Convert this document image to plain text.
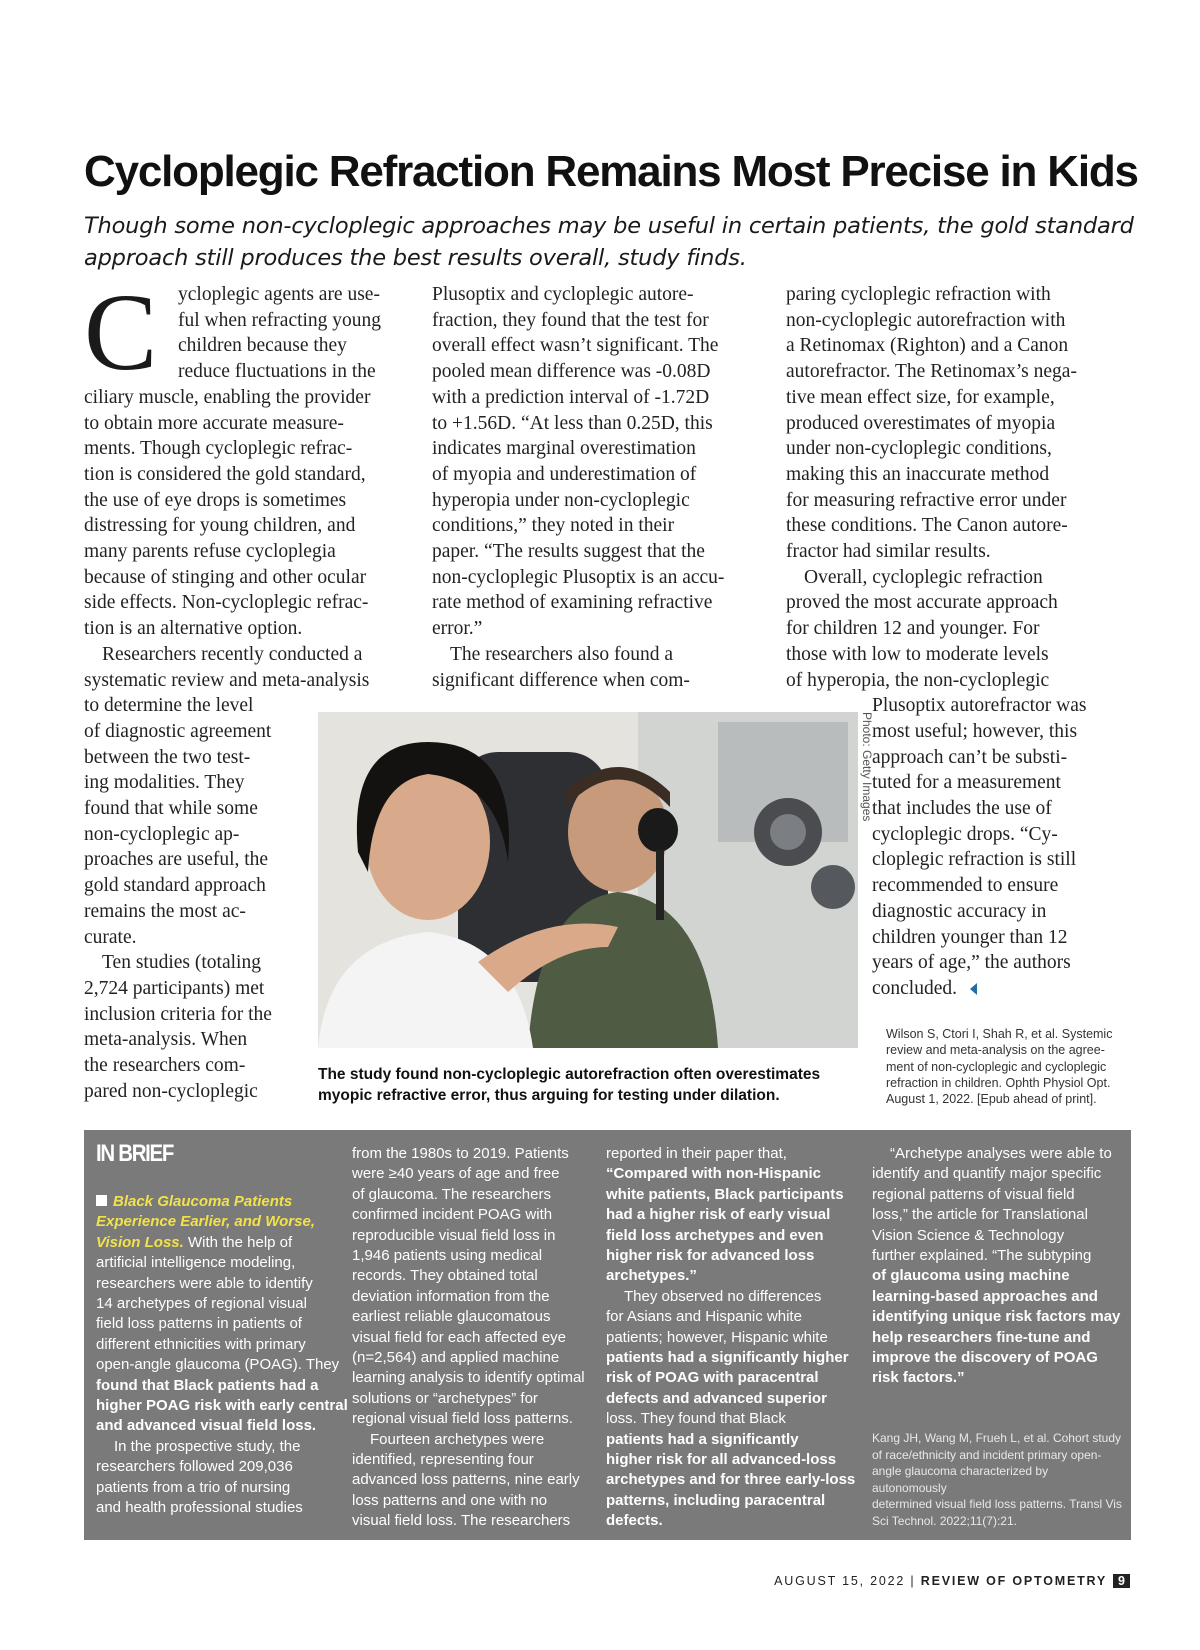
Cycloplegic Refraction Remains Most Precise in Kids
Though some non-cycloplegic approaches may be useful in certain patients, the gold standard
approach still produces the best results overall, study finds.
C ycloplegic agents are use-
ful when refracting young
children because they
reduce fluctuations in the
ciliary muscle, enabling the provider
to obtain more accurate measure-
ments. Though cycloplegic refrac-
tion is considered the gold standard,
the use of eye drops is sometimes
distressing for young children, and
many parents refuse cycloplegia
because of stinging and other ocular
side effects. Non-cycloplegic refrac-
tion is an alternative option.
Researchers recently conducted a
systematic review and meta-analysis
to determine the level
of diagnostic agreement
between the two test-
ing modalities. They
found that while some
non-cycloplegic ap-
proaches are useful, the
gold standard approach
remains the most ac-
curate.
Ten studies (totaling
2,724 participants) met
inclusion criteria for the
meta-analysis. When
the researchers com-
pared non-cycloplegic
Plusoptix and cycloplegic autore-
fraction, they found that the test for
overall effect wasn’t significant. The
pooled mean difference was -0.08D
with a prediction interval of -1.72D
to +1.56D. “At less than 0.25D, this
indicates marginal overestimation
of myopia and underestimation of
hyperopia under non-cycloplegic
conditions,” they noted in their
paper. “The results suggest that the
non-cycloplegic Plusoptix is an accu-
rate method of examining refractive
error.”
The researchers also found a
significant difference when com-
paring cycloplegic refraction with
non-cycloplegic autorefraction with
a Retinomax (Righton) and a Canon
autorefractor. The Retinomax’s nega-
tive mean effect size, for example,
produced overestimates of myopia
under non-cycloplegic conditions,
making this an inaccurate method
for measuring refractive error under
these conditions. The Canon autore-
fractor had similar results.
Overall, cycloplegic refraction
proved the most accurate approach
for children 12 and younger. For
those with low to moderate levels
of hyperopia, the non-cycloplegic
Plusoptix autorefractor was
most useful; however, this
approach can’t be substi-
tuted for a measurement
that includes the use of
cycloplegic drops. “Cy-
cloplegic refraction is still
recommended to ensure
diagnostic accuracy in
children younger than 12
years of age,” the authors
concluded.
Photo: Getty Images
The study found non-cycloplegic autorefraction often overestimates
myopic refractive error, thus arguing for testing under dilation.
Wilson S, Ctori I, Shah R, et al. Systemic
review and meta-analysis on the agree-
ment of non-cycloplegic and cycloplegic
refraction in children. Ophth Physiol Opt.
August 1, 2022. [Epub ahead of print].
IN BRIEF
Black Glaucoma Patients
Experience Earlier, and Worse,
Vision Loss. With the help of
artificial intelligence modeling,
researchers were able to identify
14 archetypes of regional visual
field loss patterns in patients of
different ethnicities with primary
open-angle glaucoma (POAG). They
found that Black patients had a
higher POAG risk with early central
and advanced visual field loss.
In the prospective study, the
researchers followed 209,036
patients from a trio of nursing
and health professional studies
from the 1980s to 2019. Patients
were ≥40 years of age and free
of glaucoma. The researchers
confirmed incident POAG with
reproducible visual field loss in
1,946 patients using medical
records. They obtained total
deviation information from the
earliest reliable glaucomatous
visual field for each affected eye
(n=2,564) and applied machine
learning analysis to identify optimal
solutions or “archetypes” for
regional visual field loss patterns.
Fourteen archetypes were
identified, representing four
advanced loss patterns, nine early
loss patterns and one with no
visual field loss. The researchers
reported in their paper that,
“Compared with non-Hispanic
white patients, Black participants
had a higher risk of early visual
field loss archetypes and even
higher risk for advanced loss
archetypes.”
They observed no differences
for Asians and Hispanic white
patients; however, Hispanic white
patients had a significantly higher
risk of POAG with paracentral
defects and advanced superior
loss. They found that Black
patients had a significantly
higher risk for all advanced-loss
archetypes and for three early-loss
patterns, including paracentral
defects.
“Archetype analyses were able to
identify and quantify major specific
regional patterns of visual field
loss,” the article for Translational
Vision Science & Technology
further explained. “The subtyping
of glaucoma using machine
learning-based approaches and
identifying unique risk factors may
help researchers fine-tune and
improve the discovery of POAG
risk factors.”
Kang JH, Wang M, Frueh L, et al. Cohort study
of race/ethnicity and incident primary open-
angle glaucoma characterized by autonomously
determined visual field loss patterns. Transl Vis
Sci Technol. 2022;11(7):21.
AUGUST 15, 2022 | REVIEW OF OPTOMETRY 9
